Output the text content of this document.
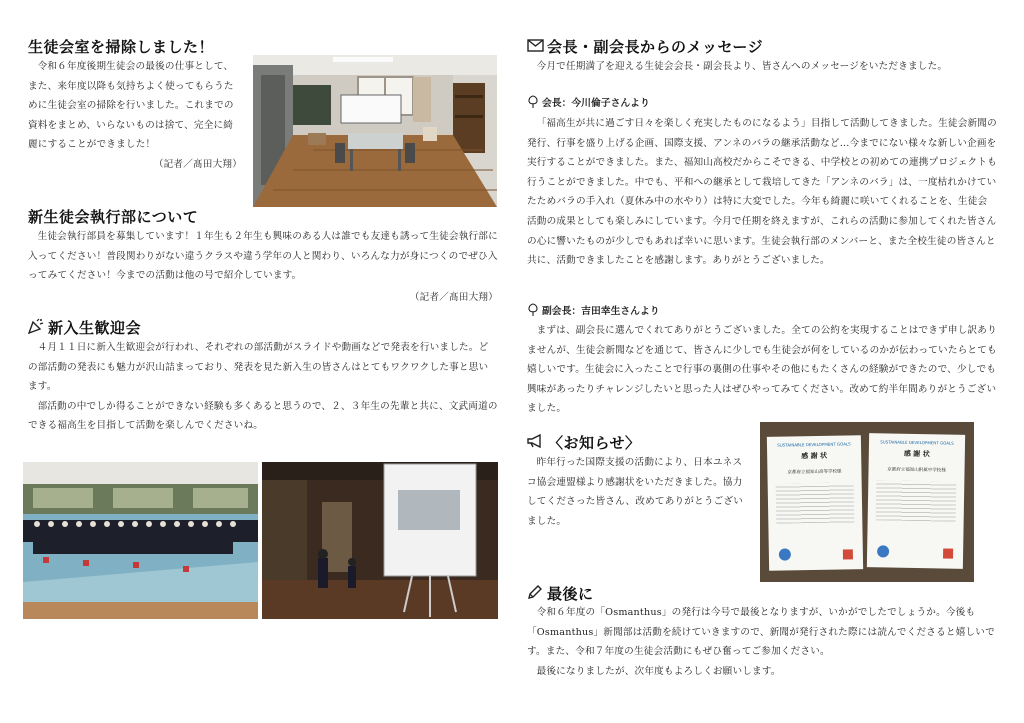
生徒会室を掃除しました！

令和６年度後期生徒会の最後の仕事として、また、来年度以降も気持ちよく使ってもらうために生徒会室の掃除を行いました。これまでの資料をまとめ、いらないものは捨て、完全に綺麗にすることができました！

（記者／髙田大翔）
新生徒会執行部について

生徒会執行部員を募集しています！１年生も２年生も興味のある人は誰でも友達も誘って生徒会執行部に入ってください！普段関わりがない違うクラスや違う学年の人と関わり、いろんな力が身につくのでぜひ入ってみてください！今までの活動は他の号で紹介しています。

（記者／髙田大翔）
新入生歓迎会

４月１１日に新入生歓迎会が行われ、それぞれの部活動がスライドや動画などで発表を行いました。どの部活動の発表にも魅力が沢山詰まっており、発表を見た新入生の皆さんはとてもワクワクした事と思います。

部活動の中でしか得ることができない経験も多くあると思うので、２、３年生の先輩と共に、文武両道のできる福高生を目指して活動を楽しんでくださいね。

会長・副会長からのメッセージ

今月で任期満了を迎える生徒会会長・副会長より、皆さんへのメッセージをいただきました。

会長：今川倫子さんより

「福高生が共に過ごす日々を楽しく充実したものになるよう」目指して活動してきました。生徒会新聞の発行、行事を盛り上げる企画、国際支援、アンネのバラの継承活動など…今までにない様々な新しい企画を実行することができました。また、福知山高校だからこそできる、中学校との初めての連携プロジェクトも行うことができました。中でも、平和への継承として栽培してきた「アンネのバラ」は、一度枯れかけていたためバラの手入れ（夏休み中の水やり）は特に大変でした。今年も綺麗に咲いてくれることを、生徒会活動の成果としても楽しみにしています。今月で任期を終えますが、これらの活動に参加してくれた皆さんの心に響いたものが少しでもあれば幸いに思います。生徒会執行部のメンバーと、また全校生徒の皆さんと共に、活動できましたことを感謝します。ありがとうございました。

副会長：吉田幸生さんより

まずは、副会長に選んでくれてありがとうございました。全ての公約を実現することはできず申し訳ありませんが、生徒会新聞などを通じて、皆さんに少しでも生徒会が何をしているのかが伝わっていたらとても嬉しいです。生徒会に入ったことで行事の裏側の仕事やその他にもたくさんの経験ができたので、少しでも興味があったりチャレンジしたいと思った人はぜひやってみてください。改めて約半年間ありがとうございました。

〈お知らせ〉

昨年行った国際支援の活動により、日本ユネスコ協会連盟様より感謝状をいただきました。協力してくださった皆さん、改めてありがとうございました。

SUSTAINABLE DEVELOPMENT GOALS
感 謝 状
京都府立福知山高等学校様
SUSTAINABLE DEVELOPMENT GOALS
感 謝 状
京都府立福知山附属中学校様
最後に

令和６年度の「Osmanthus」の発行は今号で最後となりますが、いかがでしたでしょうか。今後も「Osmanthus」新聞部は活動を続けていきますので、新聞が発行された際には読んでくださると嬉しいです。また、令和７年度の生徒会活動にもぜひ奮ってご参加ください。

最後になりましたが、次年度もよろしくお願いします。
